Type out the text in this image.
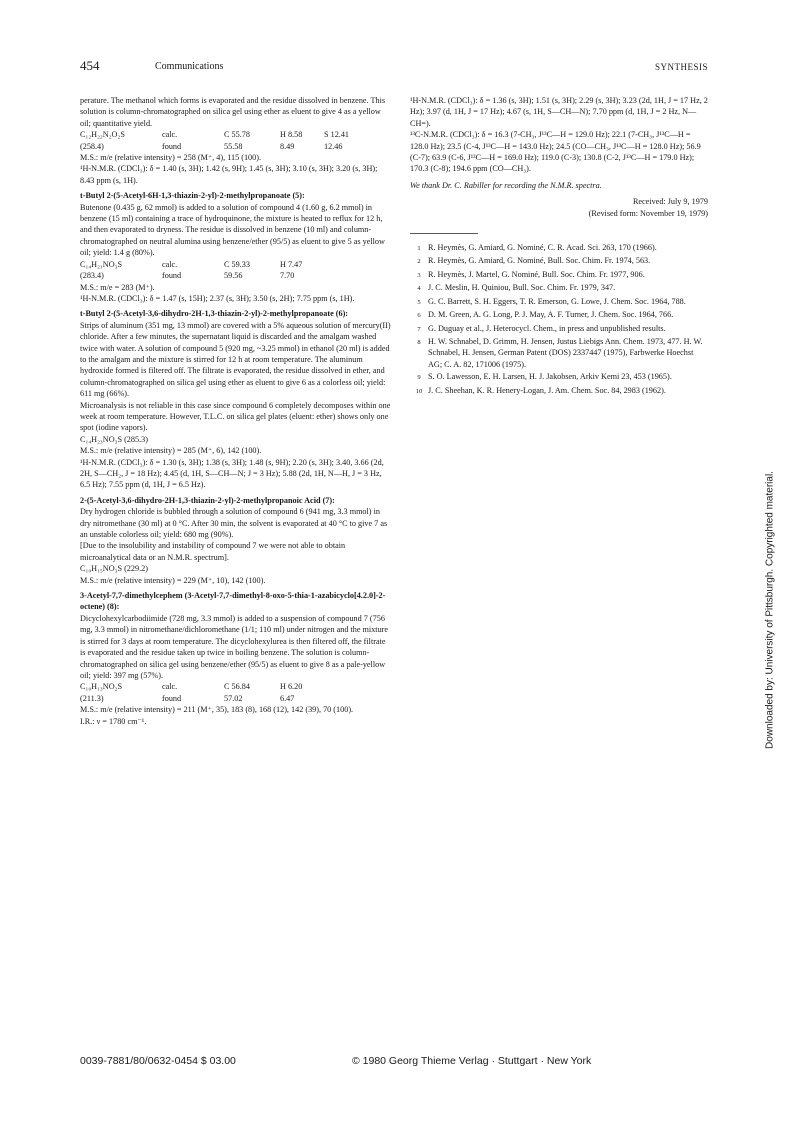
454	Communications	SYNTHESIS

perature. The methanol which forms is evaporated and the residue dissolved in benzene. This solution is column-chromatographed on silica gel using ether as eluent to give 4 as a yellow oil; quantitative yield.

C₁₂H₂₂N₂O₂S	calc.	C 55.78	H 8.58	S 12.41
(258.4)	found	55.58	8.49	12.46

M.S.: m/e (relative intensity) = 258 (M⁺, 4), 115 (100).

¹H-N.M.R. (CDCl₃): δ = 1.40 (s, 3H); 1.42 (s, 9H); 1.45 (s, 3H); 3.10 (s, 3H); 3.20 (s, 3H); 8.43 ppm (s, 1H).

t-Butyl 2-(5-Acetyl-6H-1,3-thiazin-2-yl)-2-methylpropanoate (5):

Butenone (0.435 g, 62 mmol) is added to a solution of compound 4 (1.60 g, 6.2 mmol) in benzene (15 ml) containing a trace of hydroquinone, the mixture is heated to reflux for 12 h, and then evaporated to dryness. The residue is dissolved in benzene (10 ml) and column-chromatographed on neutral alumina using benzene/ether (95/5) as eluent to give 5 as yellow oil; yield: 1.4 g (80%).

C₁₄H₂₁NO₃S	calc.	C 59.33	H 7.47
(283.4)	found	59.56	7.70

M.S.: m/e = 283 (M⁺).

¹H-N.M.R. (CDCl₃): δ = 1.47 (s, 15H); 2.37 (s, 3H); 3.50 (s, 2H); 7.75 ppm (s, 1H).

t-Butyl 2-(5-Acetyl-3,6-dihydro-2H-1,3-thiazin-2-yl)-2-methylpropanoate (6):

Strips of aluminum (351 mg, 13 mmol) are covered with a 5% aqueous solution of mercury(II) chloride. After a few minutes, the supernatant liquid is discarded and the amalgam washed twice with water. A solution of compound 5 (920 mg, ~3.25 mmol) in ethanol (20 ml) is added to the amalgam and the mixture is stirred for 12 h at room temperature. The aluminum hydroxide formed is filtered off. The filtrate is evaporated, the residue dissolved in ether, and column-chromatographed on silica gel using ether as eluent to give 6 as a colorless oil; yield: 611 mg (66%).

Microanalysis is not reliable in this case since compound 6 completely decomposes within one week at room temperature. However, T.L.C. on silica gel plates (eluent: ether) shows only one spot (iodine vapors).

C₁₄H₂₃NO₃S (285.3)

M.S.: m/e (relative intensity) = 285 (M⁺, 6), 142 (100).

¹H-N.M.R. (CDCl₃): δ = 1.30 (s, 3H); 1.38 (s, 3H); 1.48 (s, 9H); 2.20 (s, 3H); 3.40, 3.66 (2d, 2H, S—CH₂, J = 18 Hz); 4.45 (d, 1H, S—CH—N; J = 3 Hz); 5.88 (2d, 1H, N—H, J = 3 Hz, 6.5 Hz); 7.55 ppm (d, 1H, J = 6.5 Hz).

2-(5-Acetyl-3,6-dihydro-2H-1,3-thiazin-2-yl)-2-methylpropanoic Acid (7):

Dry hydrogen chloride is bubbled through a solution of compound 6 (941 mg, 3.3 mmol) in dry nitromethane (30 ml) at 0 °C. After 30 min, the solvent is evaporated at 40 °C to give 7 as an unstable colorless oil; yield: 680 mg (90%).

[Due to the insolubility and instability of compound 7 we were not able to obtain microanalytical data or an N.M.R. spectrum].

C₁₀H₁₅NO₃S (229.2)

M.S.: m/e (relative intensity) = 229 (M⁺, 10), 142 (100).

3-Acetyl-7,7-dimethylcephem (3-Acetyl-7,7-dimethyl-8-oxo-5-thia-1-azabicyclo[4.2.0]-2-octene) (8):

Dicyclohexylcarbodiimide (728 mg, 3.3 mmol) is added to a suspension of compound 7 (756 mg, 3.3 mmol) in nitromethane/dichloromethane (1/1; 110 ml) under nitrogen and the mixture is stirred for 3 days at room temperature. The dicyclohexylurea is then filtered off, the filtrate is evaporated and the residue taken up twice in boiling benzene. The solution is column-chromatographed on silica gel using benzene/ether (95/5) as eluent to give 8 as a pale-yellow oil; yield: 397 mg (57%).

C₁₀H₁₃NO₂S	calc.	C 56.84	H 6.20
(211.3)	found	57.02	6.47

M.S.: m/e (relative intensity) = 211 (M⁺, 35), 183 (8), 168 (12), 142 (39), 70 (100).

I.R.: ν = 1780 cm⁻¹.

¹H-N.M.R. (CDCl₃): δ = 1.36 (s, 3H); 1.51 (s, 3H); 2.29 (s, 3H); 3.23 (2d, 1H, J = 17 Hz, 2 Hz); 3.97 (d, 1H, J = 17 Hz); 4.67 (s, 1H, S—CH—N); 7.70 ppm (d, 1H, J = 2 Hz, N—CH=).

¹³C-N.M.R. (CDCl₃): δ = 16.3 (7-CH₃, J¹³C—H = 129.0 Hz); 22.1 (7-CH₃, J¹³C—H = 128.0 Hz); 23.5 (C-4, J¹³C—H = 143.0 Hz); 24.5 (CO—CH₃, J¹³C—H = 128.0 Hz); 56.9 (C-7); 63.9 (C-6, J¹³C—H = 169.0 Hz); 119.0 (C-3); 130.8 (C-2, J¹³C—H = 179.0 Hz); 170.3 (C-8); 194.6 ppm (CO—CH₃).

We thank Dr. C. Rabiller for recording the N.M.R. spectra.

Received: July 9, 1979

(Revised form: November 19, 1979)

1 R. Heymès, G. Amiard, G. Nominé, C. R. Acad. Sci. 263, 170 (1966).
2 R. Heymès, G. Amiard, G. Nominé, Bull. Soc. Chim. Fr. 1974, 563.
3 R. Heymès, J. Martel, G. Nominé, Bull. Soc. Chim. Fr. 1977, 906.
4 J. C. Meslin, H. Quiniou, Bull. Soc. Chim. Fr. 1979, 347.
5 G. C. Barrett, S. H. Eggers, T. R. Emerson, G. Lowe, J. Chem. Soc. 1964, 788.
6 D. M. Green, A. G. Long, P. J. May, A. F. Turner, J. Chem. Soc. 1964, 766.
7 G. Duguay et al., J. Heterocycl. Chem., in press and unpublished results.
8 H. W. Schnabel, D. Grimm, H. Jensen, Justus Liebigs Ann. Chem. 1973, 477. H. W. Schnabel, H. Jensen, German Patent (DOS) 2337447 (1975), Farbwerke Hoechst AG; C. A. 82, 171006 (1975).
9 S. O. Lawesson, E. H. Larsen, H. J. Jakobsen, Arkiv Kemi 23, 453 (1965).
10 J. C. Sheehan, K. R. Henery-Logan, J. Am. Chem. Soc. 84, 2983 (1962).
0039-7881/80/0632-0454 $ 03.00	© 1980 Georg Thieme Verlag · Stuttgart · New York
Downloaded by: University of Pittsburgh. Copyrighted material.
